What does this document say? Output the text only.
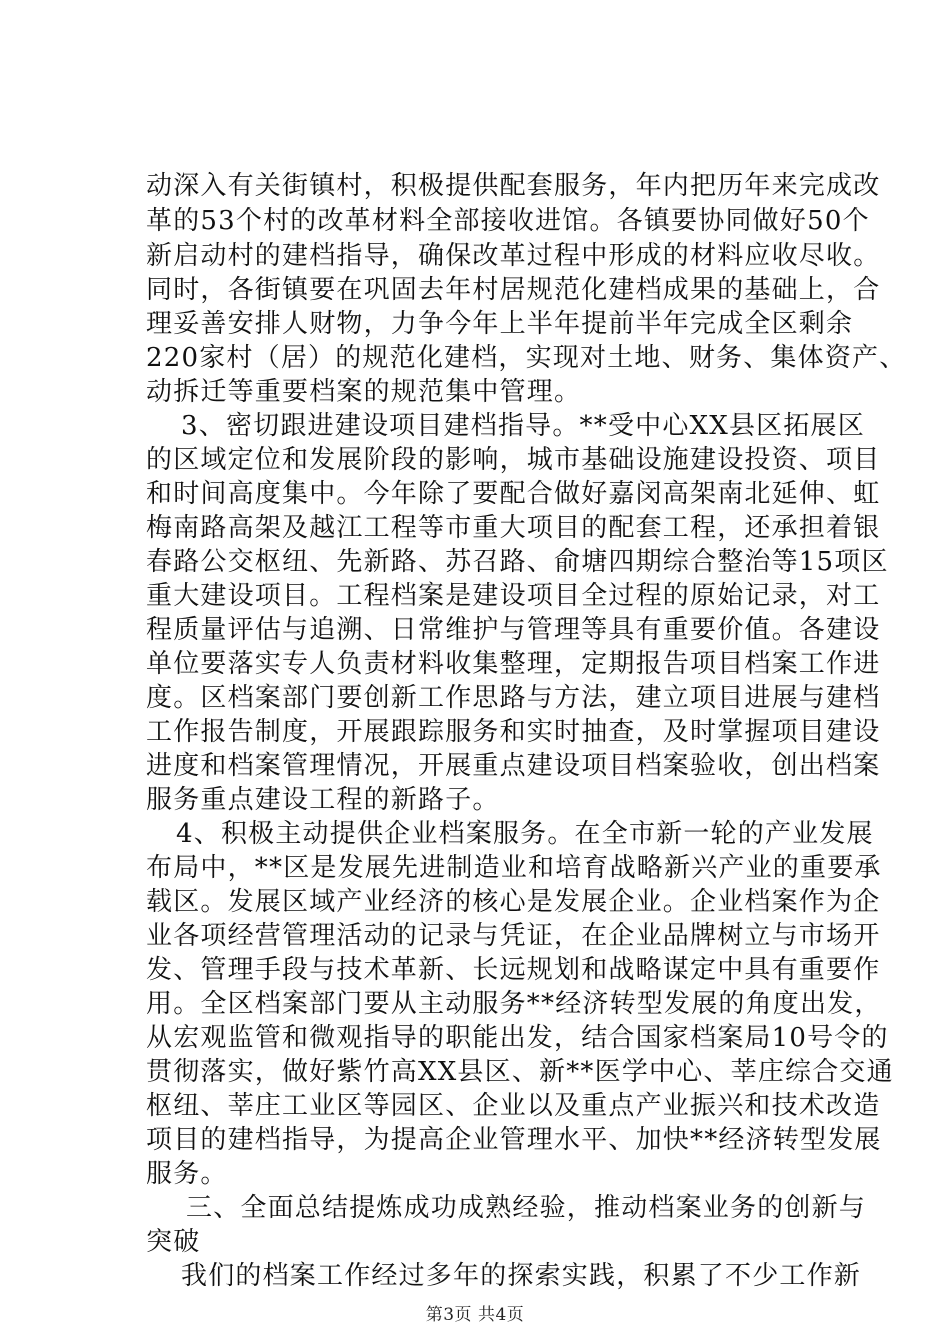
动深入有关街镇村，积极提供配套服务，年内把历年来完成改
革的53个村的改革材料全部接收进馆。各镇要协同做好50个
新启动村的建档指导，确保改革过程中形成的材料应收尽收。
同时，各街镇要在巩固去年村居规范化建档成果的基础上，合
理妥善安排人财物，力争今年上半年提前半年完成全区剩余
220家村（居）的规范化建档，实现对土地、财务、集体资产、
动拆迁等重要档案的规范集中管理。
3、密切跟进建设项目建档指导。**受中心XX县区拓展区
的区域定位和发展阶段的影响，城市基础设施建设投资、项目
和时间高度集中。今年除了要配合做好嘉闵高架南北延伸、虹
梅南路高架及越江工程等市重大项目的配套工程，还承担着银
春路公交枢纽、先新路、苏召路、俞塘四期综合整治等15项区
重大建设项目。工程档案是建设项目全过程的原始记录，对工
程质量评估与追溯、日常维护与管理等具有重要价值。各建设
单位要落实专人负责材料收集整理，定期报告项目档案工作进
度。区档案部门要创新工作思路与方法，建立项目进展与建档
工作报告制度，开展跟踪服务和实时抽查，及时掌握项目建设
进度和档案管理情况，开展重点建设项目档案验收，创出档案
服务重点建设工程的新路子。
4、积极主动提供企业档案服务。在全市新一轮的产业发展
布局中，**区是发展先进制造业和培育战略新兴产业的重要承
载区。发展区域产业经济的核心是发展企业。企业档案作为企
业各项经营管理活动的记录与凭证，在企业品牌树立与市场开
发、管理手段与技术革新、长远规划和战略谋定中具有重要作
用。全区档案部门要从主动服务**经济转型发展的角度出发，
从宏观监管和微观指导的职能出发，结合国家档案局10号令的
贯彻落实，做好紫竹高XX县区、新**医学中心、莘庄综合交通
枢纽、莘庄工业区等园区、企业以及重点产业振兴和技术改造
项目的建档指导，为提高企业管理水平、加快**经济转型发展
服务。
三、全面总结提炼成功成熟经验，推动档案业务的创新与
突破
我们的档案工作经过多年的探索实践，积累了不少工作新
第3页 共4页
